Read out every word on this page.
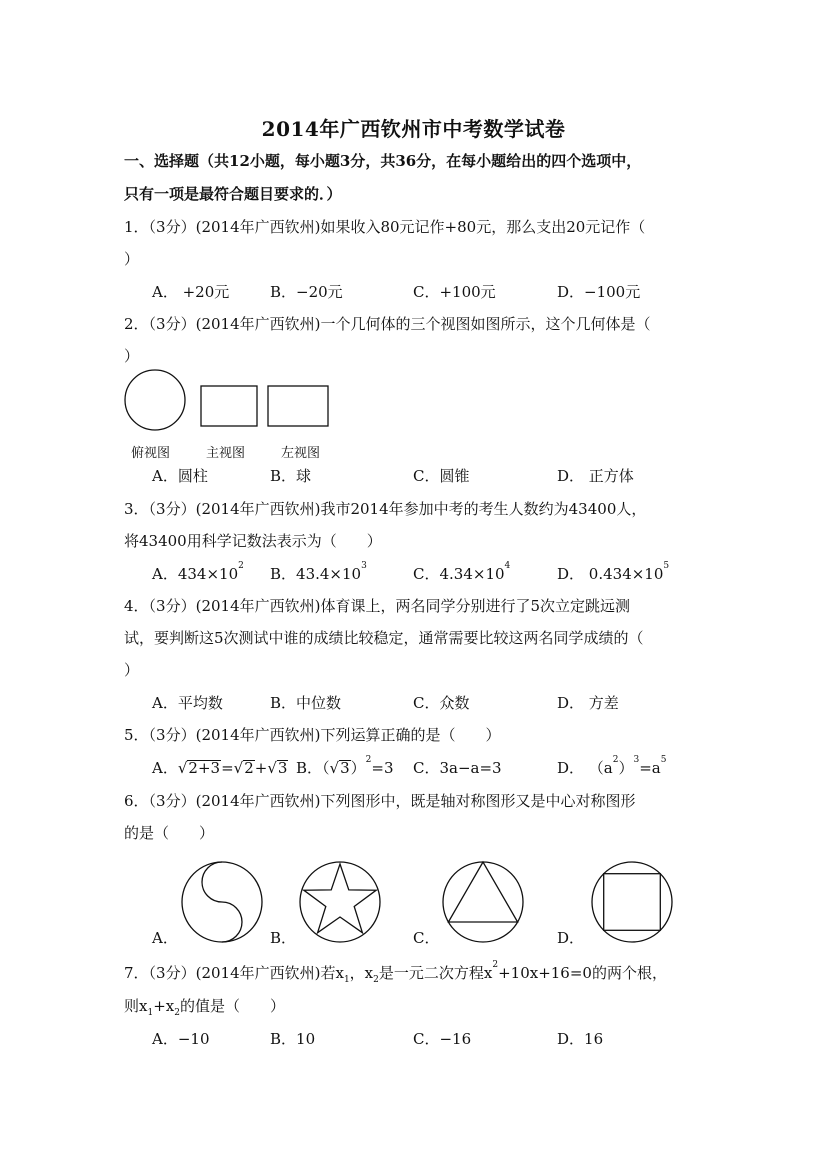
2014年广西钦州市中考数学试卷
一、选择题（共12小题，每小题3分，共36分，在每小题给出的四个选项中，
只有一项是最符合题目要求的．）
1．（3分）(2014年广西钦州)如果收入80元记作+80元，那么支出20元记作（
）
A． +20元	B．−20元	C．+100元	D．−100元
2．（3分）(2014年广西钦州)一个几何体的三个视图如图所示，这个几何体是（
）
俯视图	主视图	左视图
A．圆柱	B．球	C．圆锥	D． 正方体
3．（3分）(2014年广西钦州)我市2014年参加中考的考生人数约为43400人，
将43400用科学记数法表示为（　　）
A．$434\times 10^2$ B．$43.4\times 10^3$	C．$4.34\times 10^4$	D． $0.434\times 10^5$
4．（3分）(2014年广西钦州)体育课上，两名同学分别进行了5次立定跳远测
试，要判断这5次测试中谁的成绩比较稳定，通常需要比较这两名同学成绩的（
）
A．平均数	B．中位数	C．众数	D． 方差
5．（3分）(2014年广西钦州)下列运算正确的是（　　）
A．√2+3=√2+√3 B．$(√3)^2=3$ C．3a−a=3	D． $(a^2)^3=a^5$
6．（3分）(2014年广西钦州)下列图形中，既是轴对称图形又是中心对称图形
的是（　　）
A．	B．	C．	D．
7．（3分）(2014年广西钦州)若$x_1$，$x_2$是一元二次方程$x^2+10x+16=0$的两个根，
则$x_1+x_2$的值是（　　）
A．−10	B．10	C．−16	D．16
